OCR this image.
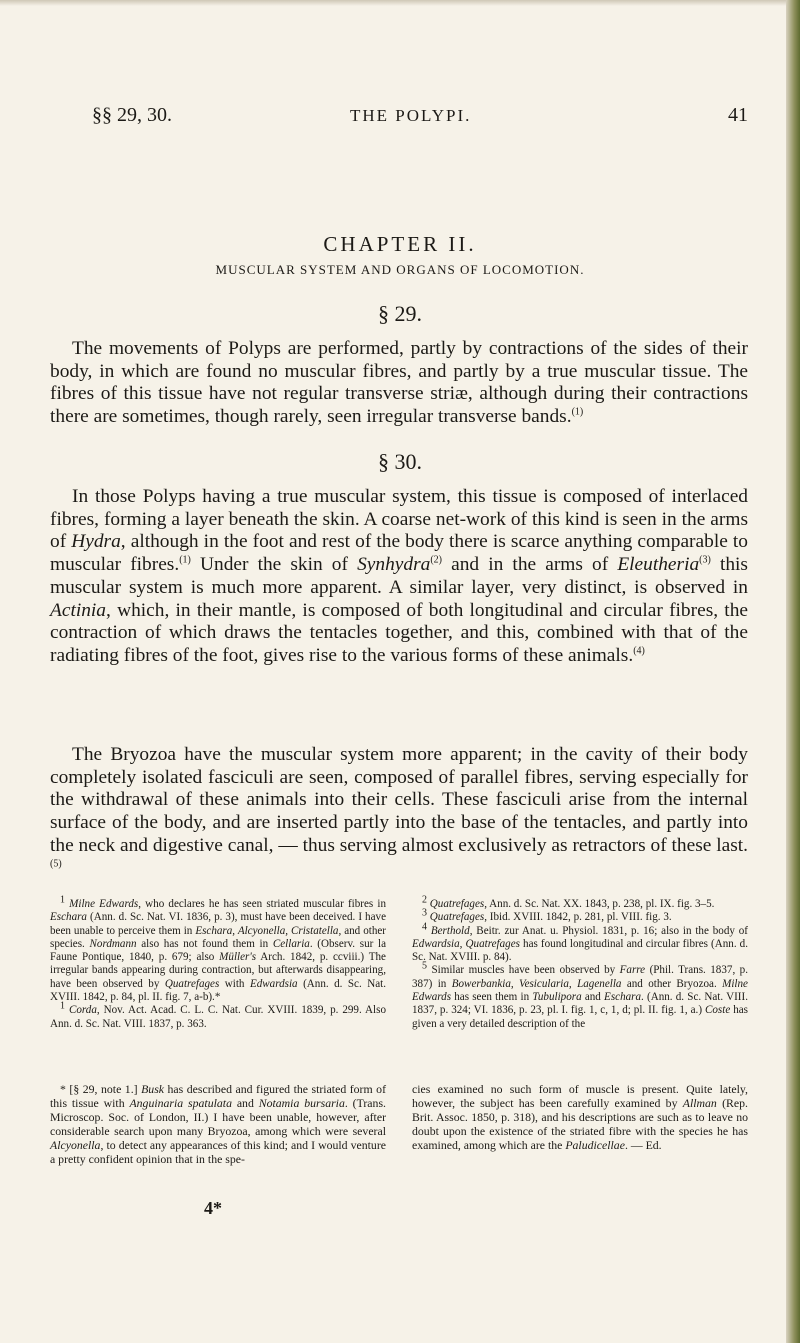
§§ 29, 30.	THE POLYPI.	41
CHAPTER II.
MUSCULAR SYSTEM AND ORGANS OF LOCOMOTION.
§ 29.

The movements of Polyps are performed, partly by contractions of the sides of their body, in which are found no muscular fibres, and partly by a true muscular tissue. The fibres of this tissue have not regular transverse striæ, although during their contractions there are sometimes, though rarely, seen irregular transverse bands.$^{(1)}$

§ 30.

In those Polyps having a true muscular system, this tissue is composed of interlaced fibres, forming a layer beneath the skin. A coarse net-work of this kind is seen in the arms of Hydra, although in the foot and rest of the body there is scarce anything comparable to muscular fibres.$^{(1)}$ Under the skin of Synhydra$^{(2)}$ and in the arms of Eleutheria$^{(3)}$ this muscular system is much more apparent. A similar layer, very distinct, is observed in Actinia, which, in their mantle, is composed of both longitudinal and circular fibres, the contraction of which draws the tentacles together, and this, combined with that of the radiating fibres of the foot, gives rise to the various forms of these animals.$^{(4)}$

The Bryozoa have the muscular system more apparent; in the cavity of their body completely isolated fasciculi are seen, composed of parallel fibres, serving especially for the withdrawal of these animals into their cells. These fasciculi arise from the internal surface of the body, and are inserted partly into the base of the tentacles, and partly into the neck and digestive canal, — thus serving almost exclusively as retractors of these last.$^{(5)}$

$^1$ Milne Edwards, who declares he has seen striated muscular fibres in Eschara (Ann. d. Sc. Nat. VI. 1836, p. 3), must have been deceived. I have been unable to perceive them in Eschara, Alcyonella, Cristatella, and other species. Nordmann also has not found them in Cellaria. (Observ. sur la Faune Pontique, 1840, p. 679; also Müller's Arch. 1842, p. ccviii.) The irregular bands appearing during contraction, but afterwards disappearing, have been observed by Quatrefages with Edwardsia (Ann. d. Sc. Nat. XVIII. 1842, p. 84, pl. II. fig. 7, a-b).*

$^1$ Corda, Nov. Act. Acad. C. L. C. Nat. Cur. XVIII. 1839, p. 299. Also Ann. d. Sc. Nat. VIII. 1837, p. 363.

$^2$ Quatrefages, Ann. d. Sc. Nat. XX. 1843, p. 238, pl. IX. fig. 3–5.

$^3$ Quatrefages, Ibid. XVIII. 1842, p. 281, pl. VIII. fig. 3.

$^4$ Berthold, Beitr. zur Anat. u. Physiol. 1831, p. 16; also in the body of Edwardsia, Quatrefages has found longitudinal and circular fibres (Ann. d. Sc. Nat. XVIII. p. 84).

$^5$ Similar muscles have been observed by Farre (Phil. Trans. 1837, p. 387) in Bowerbankia, Vesicularia, Lagenella and other Bryozoa. Milne Edwards has seen them in Tubulipora and Eschara. (Ann. d. Sc. Nat. VIII. 1837, p. 324; VI. 1836, p. 23, pl. I. fig. 1, c, 1, d; pl. II. fig. 1, a.) Coste has given a very detailed description of the

* [§ 29, note 1.] Busk has described and figured the striated form of this tissue with Anguinaria spatulata and Notamia bursaria. (Trans. Microscop. Soc. of London, II.) I have been unable, however, after considerable search upon many Bryozoa, among which were several Alcyonella, to detect any appearances of this kind; and I would venture a pretty confident opinion that in the spe-

cies examined no such form of muscle is present. Quite lately, however, the subject has been carefully examined by Allman (Rep. Brit. Assoc. 1850, p. 318), and his descriptions are such as to leave no doubt upon the existence of the striated fibre with the species he has examined, among which are the Paludicellae. — Ed.

4*
